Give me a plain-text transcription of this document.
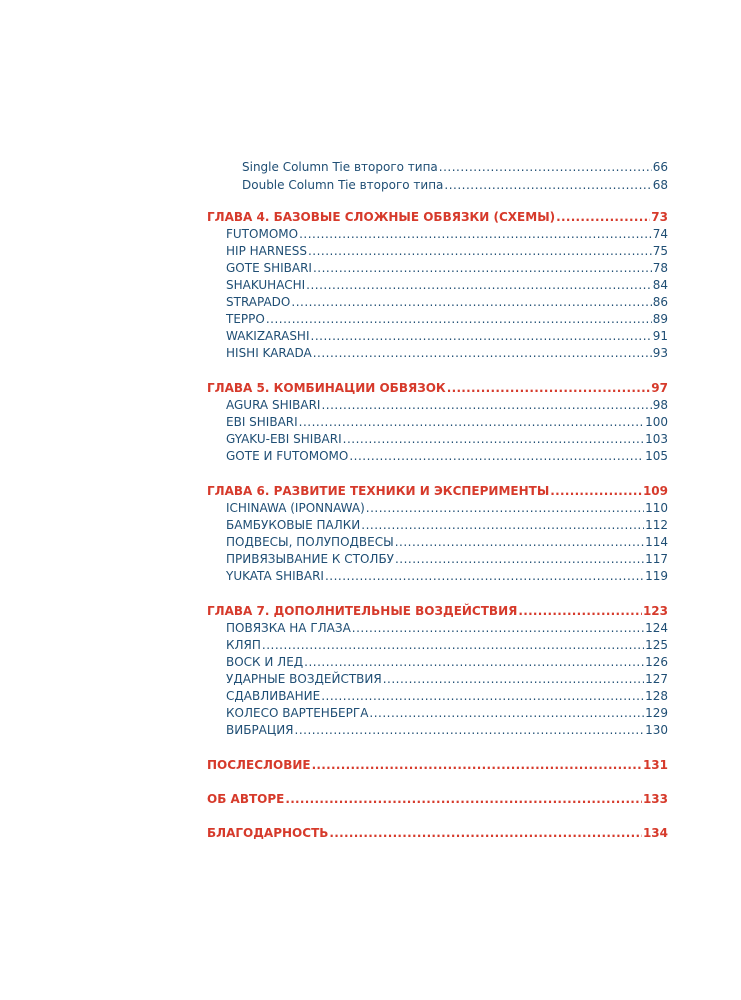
Single Column Tie второго типа .....	66
Double Column Tie второго типа .....	68
ГЛАВА 4. БАЗОВЫЕ СЛОЖНЫЕ ОБВЯЗКИ (СХЕМЫ) .....	73
FUTOMOMO .....	74
HIP HARNESS .....	75
GOTE SHIBARI .....	78
SHAKUHACHI .....	84
STRAPADO .....	86
TEPPO .....	89
WAKIZARASHI .....	91
HISHI KARADA .....	93
ГЛАВА 5. КОМБИНАЦИИ ОБВЯЗОК .....	97
AGURA SHIBARI .....	98
EBI SHIBARI .....	100
GYAKU-EBI SHIBARI .....	103
GOTE И FUTOMOMO .....	105
ГЛАВА 6. РАЗВИТИЕ ТЕХНИКИ И ЭКСПЕРИМЕНТЫ .....	109
ICHINAWA (IPONNAWA) .....	110
БАМБУКОВЫЕ ПАЛКИ .....	112
ПОДВЕСЫ, ПОЛУПОДВЕСЫ .....	114
ПРИВЯЗЫВАНИЕ К СТОЛБУ .....	117
YUKATA SHIBARI .....	119
ГЛАВА 7. ДОПОЛНИТЕЛЬНЫЕ ВОЗДЕЙСТВИЯ .....	123
ПОВЯЗКА НА ГЛАЗА .....	124
КЛЯП .....	125
ВОСК И ЛЕД .....	126
УДАРНЫЕ ВОЗДЕЙСТВИЯ .....	127
СДАВЛИВАНИЕ .....	128
КОЛЕСО ВАРТЕНБЕРГА .....	129
ВИБРАЦИЯ .....	130
ПОСЛЕСЛОВИЕ .....	131
ОБ АВТОРЕ .....	133
БЛАГОДАРНОСТЬ .....	134
